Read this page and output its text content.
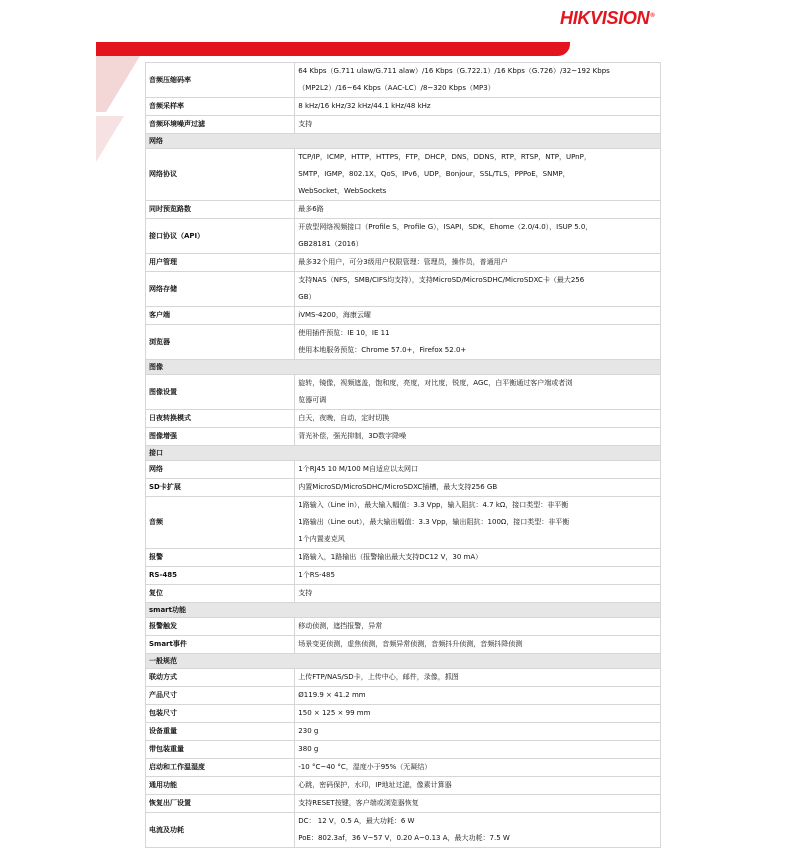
HIKVISION®
音频压缩码率	64 Kbps（G.711 ulaw/G.711 alaw）/16 Kbps（G.722.1）/16 Kbps（G.726）/32~192 Kbps
（MP2L2）/16~64 Kbps（AAC-LC）/8~320 Kbps（MP3）

音频采样率	8 kHz/16 kHz/32 kHz/44.1 kHz/48 kHz

音频环境噪声过滤	支持

网络	
网络协议	TCP/IP，ICMP，HTTP，HTTPS，FTP，DHCP，DNS，DDNS，RTP，RTSP，NTP，UPnP，
SMTP，IGMP，802.1X，QoS，IPv6，UDP，Bonjour，SSL/TLS，PPPoE，SNMP，
WebSocket，WebSockets

同时预览路数	最多6路

接口协议（API）	开放型网络视频接口（Profile S，Profile G），ISAPI，SDK，Ehome（2.0/4.0），ISUP 5.0，
GB28181（2016）

用户管理	最多32个用户，可分3级用户权限管理：管理员，操作员，普通用户

网络存储	支持NAS（NFS，SMB/CIFS均支持），支持MicroSD/MicroSDHC/MicroSDXC卡（最大256
GB）

客户端	iVMS-4200，海康云曜

浏览器	使用插件预览：IE 10，IE 11
使用本地服务预览：Chrome 57.0+，Firefox 52.0+

图像	
图像设置	旋转，镜像，视频遮盖，饱和度，亮度，对比度，锐度，AGC，白平衡通过客户端或者浏
览器可调

日夜转换模式	白天，夜晚，自动，定时切换

图像增强	背光补偿，强光抑制，3D数字降噪

接口	
网络	1个RJ45 10 M/100 M自适应以太网口

SD卡扩展	内置MicroSD/MicroSDHC/MicroSDXC插槽，最大支持256 GB

音频	1路输入（Line in），最大输入幅值：3.3 Vpp，输入阻抗：4.7 kΩ，接口类型：非平衡
1路输出（Line out），最大输出幅值：3.3 Vpp，输出阻抗：100Ω，接口类型：非平衡
1个内置麦克风

报警	1路输入，1路输出（报警输出最大支持DC12 V，30 mA）

RS-485	1个RS-485

复位	支持

smart功能	
报警触发	移动侦测，遮挡报警，异常

Smart事件	场景变更侦测，虚焦侦测，音频异常侦测，音频抖升侦测，音频抖降侦测

一般规范	
联动方式	上传FTP/NAS/SD卡，上传中心，邮件，录像，抓图

产品尺寸	Ø119.9 × 41.2 mm

包装尺寸	150 × 125 × 99 mm

设备重量	230 g

带包装重量	380 g

启动和工作温湿度	-10 °C~40 °C，湿度小于95%（无凝结）

通用功能	心跳，密码保护，水印，IP地址过滤，像素计算器

恢复出厂设置	支持RESET按键，客户端或浏览器恢复

电流及功耗	DC： 12 V，0.5 A，最大功耗：6 W
PoE：802.3af，36 V~57 V，0.20 A~0.13 A，最大功耗：7.5 W
